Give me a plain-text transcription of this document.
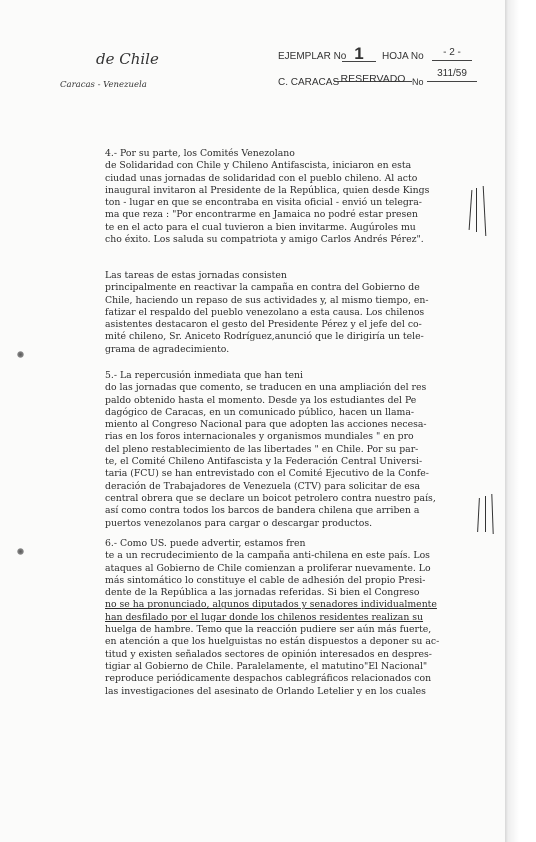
de Chile
Caracas - Venezuela
EJEMPLAR No 1	HOJA No	- 2 -
C. CARACAS RESERVADO No
311/59
4.- Por su parte, los Comités Venezolano
de Solidaridad con Chile y Chileno Antifascista, iniciaron en esta
ciudad unas jornadas de solidaridad con el pueblo chileno. Al acto
inaugural invitaron al Presidente de la República, quien desde Kings
ton - lugar en que se encontraba en visita oficial - envió un telegra-
ma que reza : "Por encontrarme en Jamaica no podré estar presen
te en el acto para el cual tuvieron a bien invitarme. Augúroles mu
cho éxito. Los saluda su compatriota y amigo Carlos Andrés Pérez".
Las tareas de estas jornadas consisten
principalmente en reactivar la campaña en contra del Gobierno de
Chile, haciendo un repaso de sus actividades y, al mismo tiempo, en-
fatizar el respaldo del pueblo venezolano a esta causa. Los chilenos
asistentes destacaron el gesto del Presidente Pérez y el jefe del co-
mité chileno, Sr. Aniceto Rodríguez,anunció que le dirigiría un tele-
grama de agradecimiento.
5.- La repercusión inmediata que han teni
do las jornadas que comento, se traducen en una ampliación del res
paldo obtenido hasta el momento. Desde ya los estudiantes del Pe
dagógico de Caracas, en un comunicado público, hacen un llama-
miento al Congreso Nacional para que adopten las acciones necesa-
rias en los foros internacionales y organismos mundiales " en pro
del pleno restablecimiento de las libertades " en Chile. Por su par-
te, el Comité Chileno Antifascista y la Federación Central Universi-
taria (FCU) se han entrevistado con el Comité Ejecutivo de la Confe-
deración de Trabajadores de Venezuela (CTV) para solicitar de esa
central obrera que se declare un boicot petrolero contra nuestro país,
así como contra todos los barcos de bandera chilena que arriben a
puertos venezolanos para cargar o descargar productos.
6.- Como US. puede advertir, estamos fren
te a un recrudecimiento de la campaña anti-chilena en este país. Los
ataques al Gobierno de Chile comienzan a proliferar nuevamente. Lo
más sintomático lo constituye el cable de adhesión del propio Presi-
dente de la República a las jornadas referidas. Si bien el Congreso
no se ha pronunciado, algunos diputados y senadores individualmente
han desfilado por el lugar donde los chilenos residentes realizan su
huelga de hambre. Temo que la reacción pudiere ser aún más fuerte,
en atención a que los huelguistas no están dispuestos a deponer su ac-
titud y existen señalados sectores de opinión interesados en despres-
tigiar al Gobierno de Chile. Paralelamente, el matutino"El Nacional"
reproduce periódicamente despachos cablegráficos relacionados con
las investigaciones del asesinato de Orlando Letelier y en los cuales
